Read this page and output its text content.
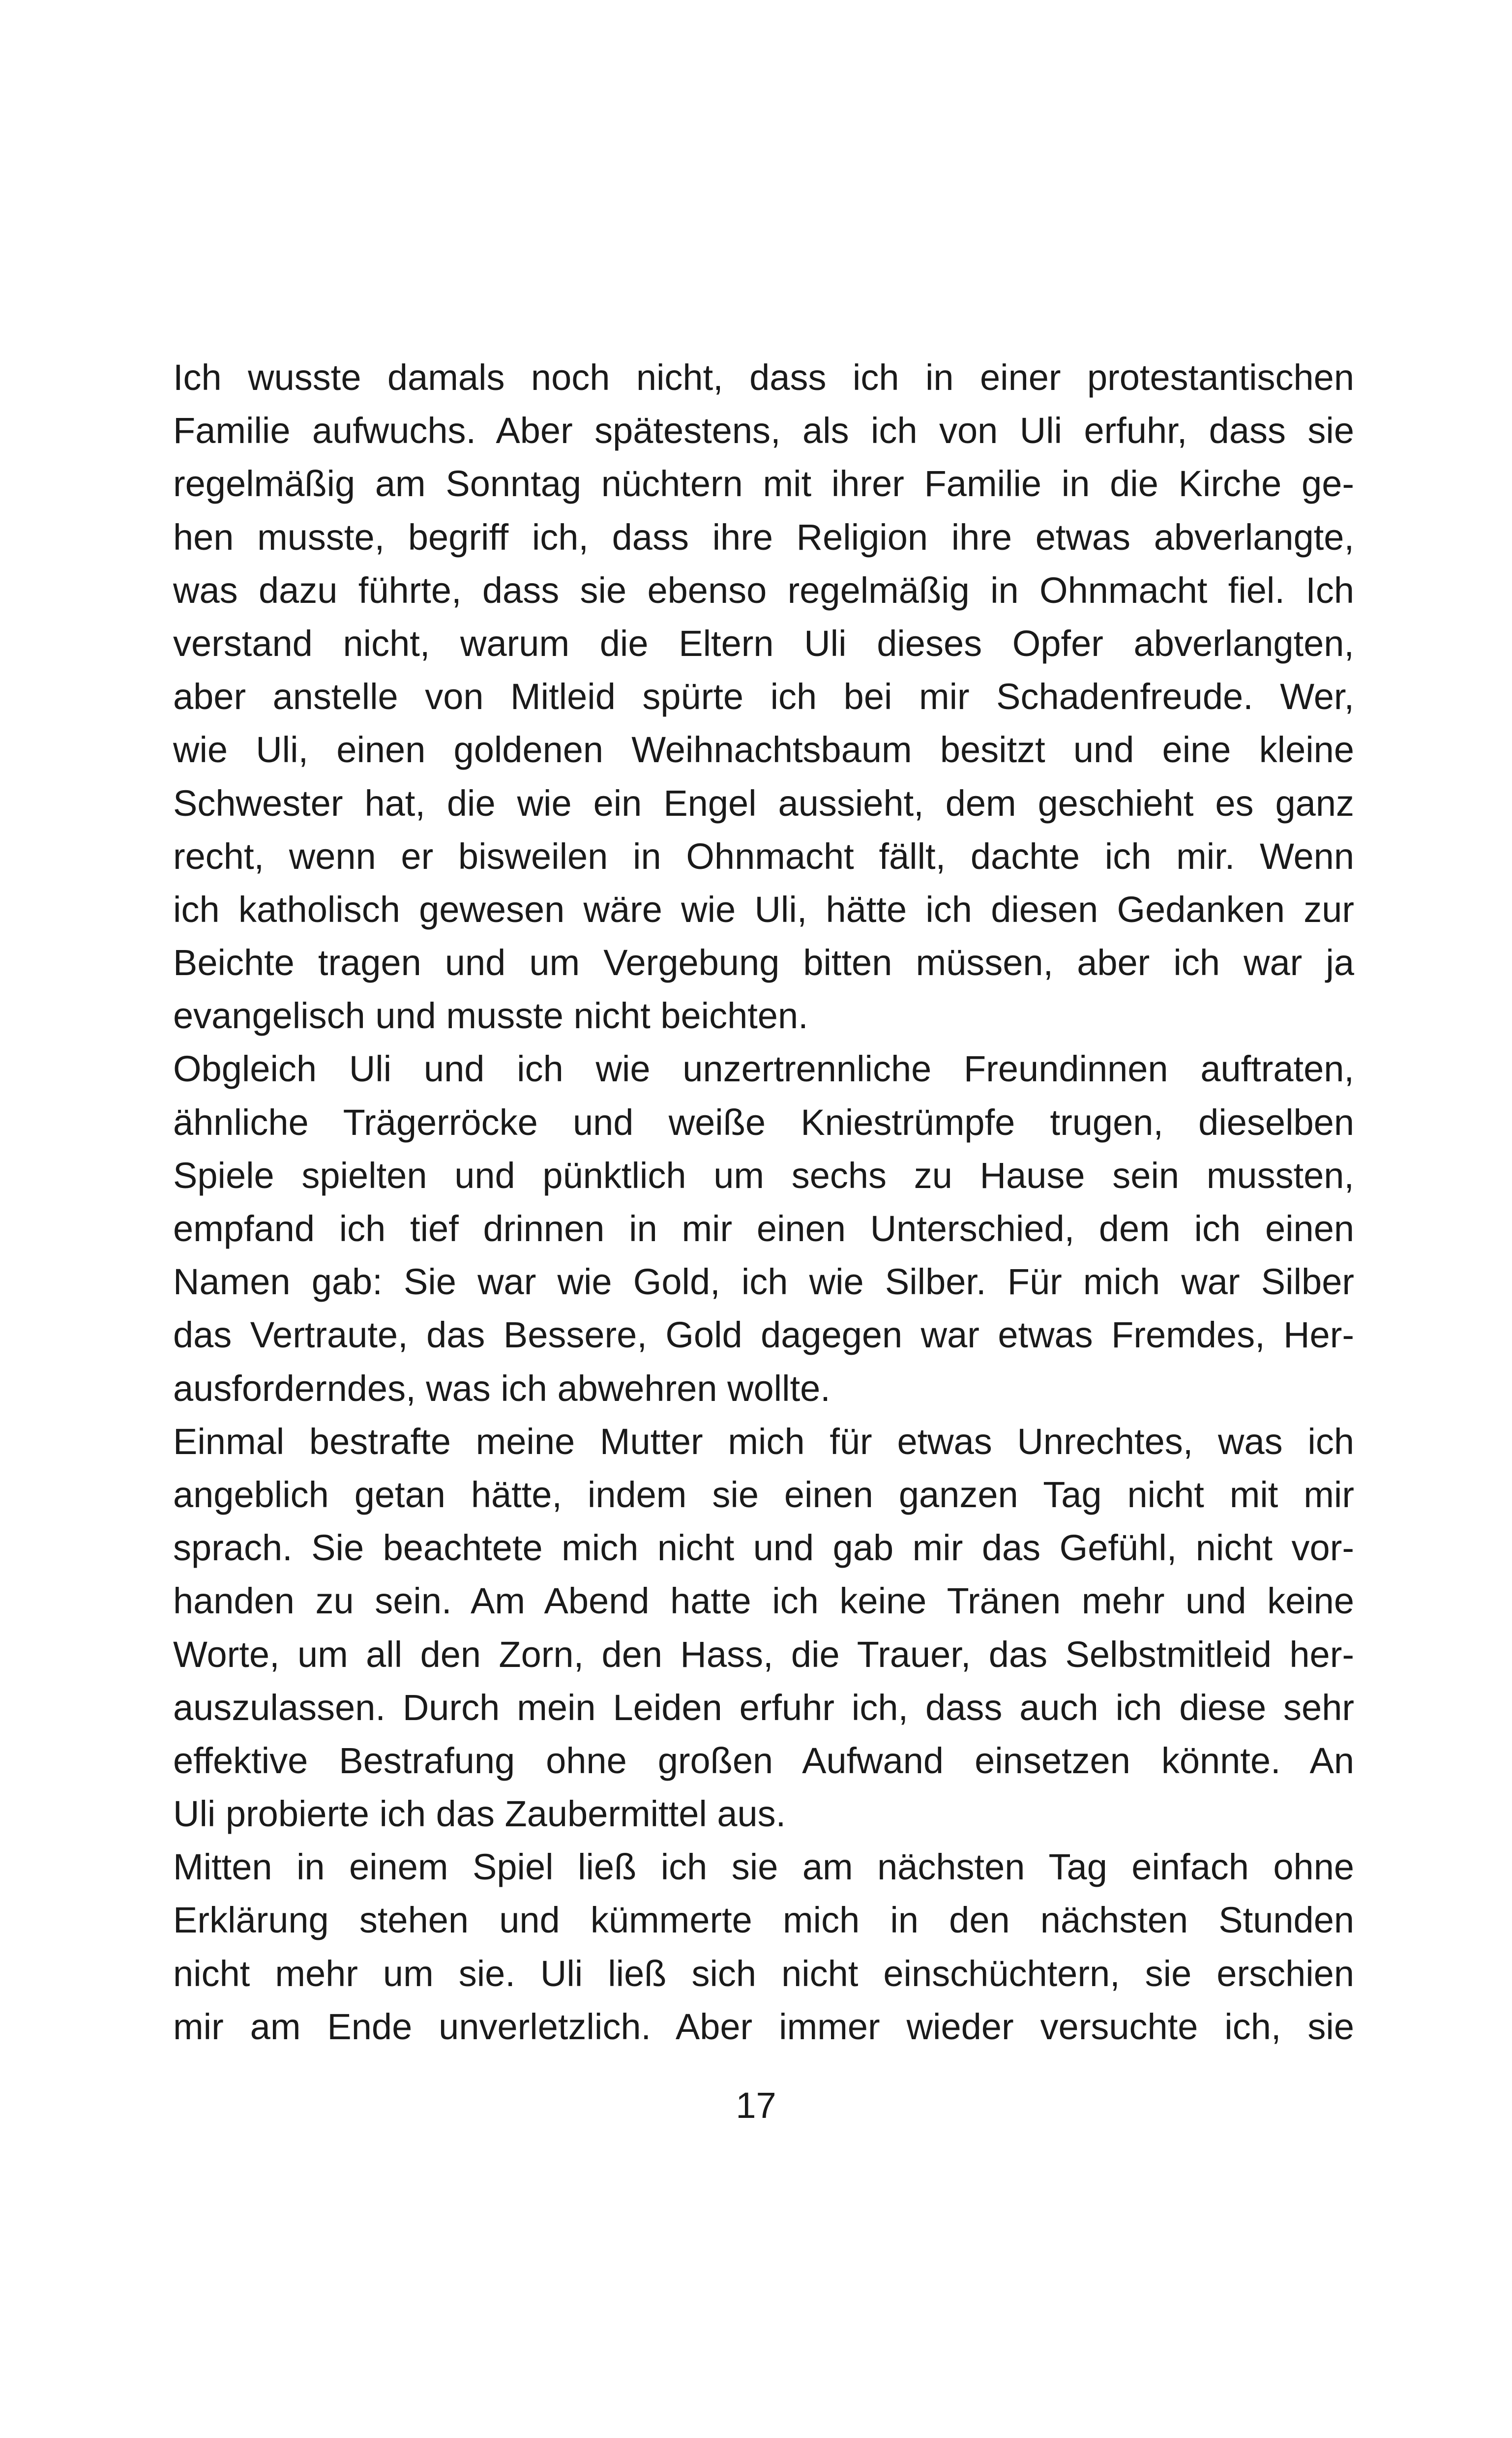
Ich wusste damals noch nicht, dass ich in einer protestantischen
Familie aufwuchs. Aber spätestens, als ich von Uli erfuhr, dass sie
regelmäßig am Sonntag nüchtern mit ihrer Familie in die Kirche ge-
hen musste, begriff ich, dass ihre Religion ihre etwas abverlangte,
was dazu führte, dass sie ebenso regelmäßig in Ohnmacht fiel. Ich
verstand nicht, warum die Eltern Uli dieses Opfer abverlangten,
aber anstelle von Mitleid spürte ich bei mir Schadenfreude. Wer,
wie Uli, einen goldenen Weihnachtsbaum besitzt und eine kleine
Schwester hat, die wie ein Engel aussieht, dem geschieht es ganz
recht, wenn er bisweilen in Ohnmacht fällt, dachte ich mir. Wenn
ich katholisch gewesen wäre wie Uli, hätte ich diesen Gedanken zur
Beichte tragen und um Vergebung bitten müssen, aber ich war ja
evangelisch und musste nicht beichten.
Obgleich Uli und ich wie unzertrennliche Freundinnen auftraten,
ähnliche Trägerröcke und weiße Kniestrümpfe trugen, dieselben
Spiele spielten und pünktlich um sechs zu Hause sein mussten,
empfand ich tief drinnen in mir einen Unterschied, dem ich einen
Namen gab: Sie war wie Gold, ich wie Silber. Für mich war Silber
das Vertraute, das Bessere, Gold dagegen war etwas Fremdes, Her-
ausforderndes, was ich abwehren wollte.
Einmal bestrafte meine Mutter mich für etwas Unrechtes, was ich
angeblich getan hätte, indem sie einen ganzen Tag nicht mit mir
sprach. Sie beachtete mich nicht und gab mir das Gefühl, nicht vor-
handen zu sein. Am Abend hatte ich keine Tränen mehr und keine
Worte, um all den Zorn, den Hass, die Trauer, das Selbstmitleid her-
auszulassen. Durch mein Leiden erfuhr ich, dass auch ich diese sehr
effektive Bestrafung ohne großen Aufwand einsetzen könnte. An
Uli probierte ich das Zaubermittel aus.
Mitten in einem Spiel ließ ich sie am nächsten Tag einfach ohne
Erklärung stehen und kümmerte mich in den nächsten Stunden
nicht mehr um sie. Uli ließ sich nicht einschüchtern, sie erschien
mir am Ende unverletzlich. Aber immer wieder versuchte ich, sie
17
